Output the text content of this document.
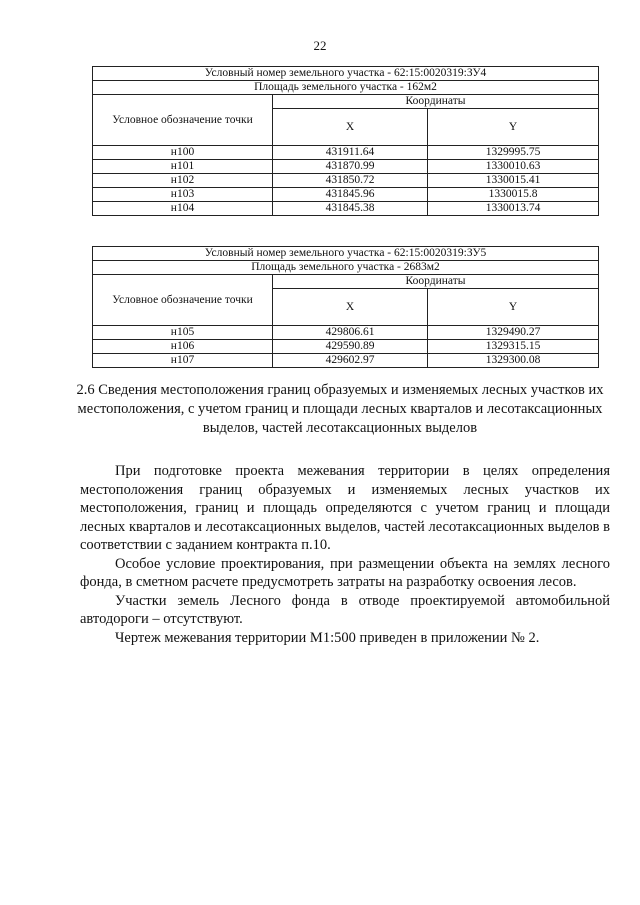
22
Условный номер земельного участка - 62:15:0020319:ЗУ4		
Площадь земельного участка - 162м2		
Условное обозначение точки	Координаты	
	X	Y
н100	431911.64	1329995.75
н101	431870.99	1330010.63
н102	431850.72	1330015.41
н103	431845.96	1330015.8
н104	431845.38	1330013.74
Условный номер земельного участка - 62:15:0020319:ЗУ5		
Площадь земельного участка - 2683м2		
Условное обозначение точки	Координаты	
	X	Y
н105	429806.61	1329490.27
н106	429590.89	1329315.15
н107	429602.97	1329300.08
2.6 Сведения местоположения границ образуемых и изменяемых лесных участков их местоположения, с учетом границ и площади лесных кварталов и лесотаксационных выделов, частей лесотаксационных выделов

При подготовке проекта межевания территории в целях определения местоположения границ образуемых и изменяемых лесных участков их местоположения, границ и площадь определяются с учетом границ и площади лесных кварталов и лесотаксационных выделов, частей лесотаксационных выделов в соответствии с заданием контракта п.10.

Особое условие проектирования, при размещении объекта на землях лесного фонда, в сметном расчете предусмотреть затраты на разработку освоения лесов.

Участки земель Лесного фонда в отводе проектируемой автомобильной автодороги – отсутствуют.

Чертеж межевания территории М1:500 приведен в приложении № 2.
